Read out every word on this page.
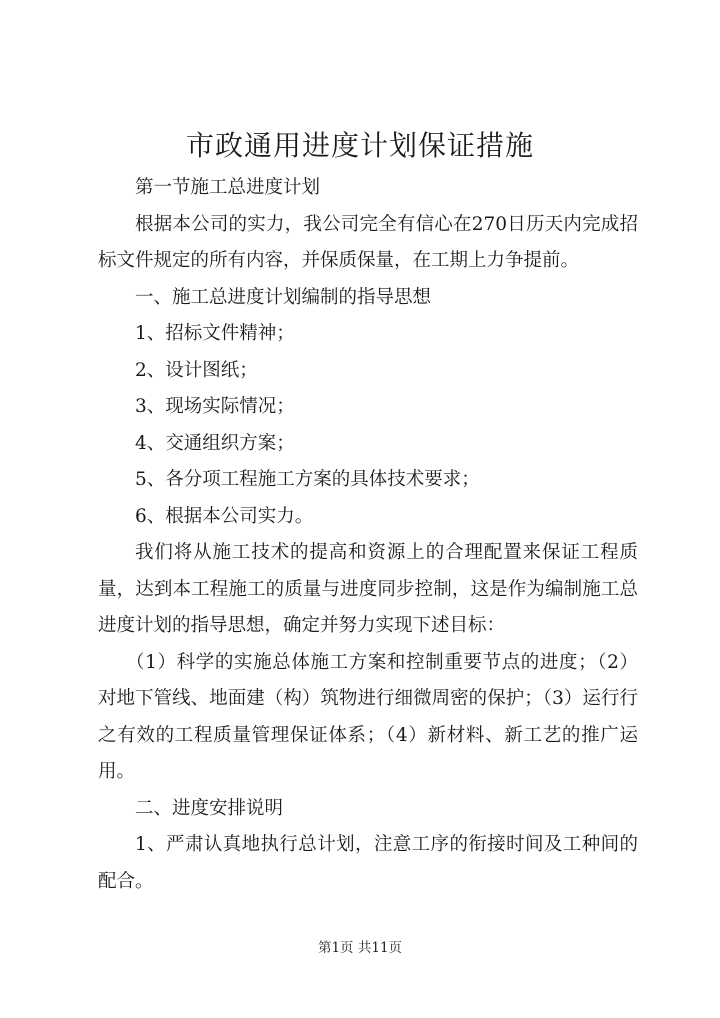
市政通用进度计划保证措施

第一节施工总进度计划

根据本公司的实力，我公司完全有信心在270日历天内完成招标文件规定的所有内容，并保质保量，在工期上力争提前。

一、施工总进度计划编制的指导思想

1、招标文件精神；

2、设计图纸；

3、现场实际情况；

4、交通组织方案；

5、各分项工程施工方案的具体技术要求；

6、根据本公司实力。

我们将从施工技术的提高和资源上的合理配置来保证工程质量，达到本工程施工的质量与进度同步控制，这是作为编制施工总进度计划的指导思想，确定并努力实现下述目标：

（1）科学的实施总体施工方案和控制重要节点的进度；（2）对地下管线、地面建（构）筑物进行细微周密的保护；（3）运行行之有效的工程质量管理保证体系；（4）新材料、新工艺的推广运用。

二、进度安排说明

1、严肃认真地执行总计划，注意工序的衔接时间及工种间的配合。

第1页 共11页
